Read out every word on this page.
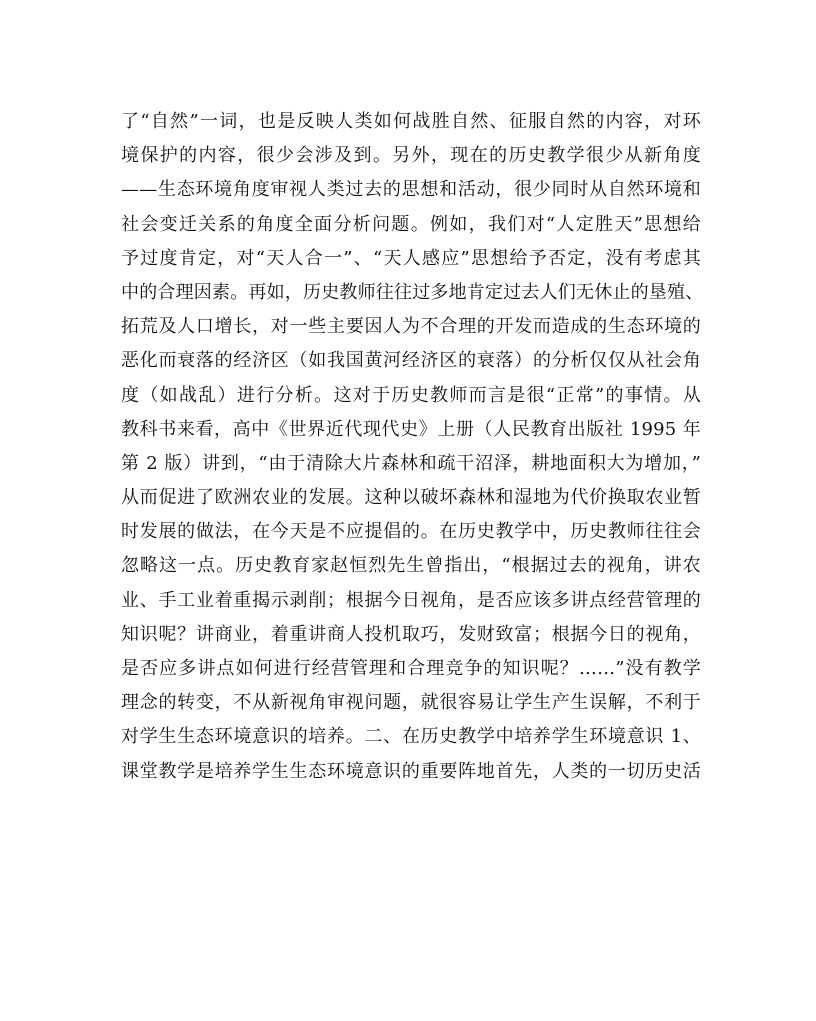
了“自然”一词，也是反映人类如何战胜自然、征服自然的内容，对环
境保护的内容，很少会涉及到。另外，现在的历史教学很少从新角度
——生态环境角度审视人类过去的思想和活动，很少同时从自然环境和
社会变迁关系的角度全面分析问题。例如，我们对“人定胜天”思想给
予过度肯定，对“天人合一”、“天人感应”思想给予否定，没有考虑其
中的合理因素。再如，历史教师往往过多地肯定过去人们无休止的垦殖、
拓荒及人口增长，对一些主要因人为不合理的开发而造成的生态环境的
恶化而衰落的经济区（如我国黄河经济区的衰落）的分析仅仅从社会角
度（如战乱）进行分析。这对于历史教师而言是很“正常”的事情。从
教科书来看，高中《世界近代现代史》上册（人民教育出版社 1995 年
第 2 版）讲到，“由于清除大片森林和疏干沼泽，耕地面积大为增加，”
从而促进了欧洲农业的发展。这种以破坏森林和湿地为代价换取农业暂
时发展的做法，在今天是不应提倡的。在历史教学中，历史教师往往会
忽略这一点。历史教育家赵恒烈先生曾指出，“根据过去的视角，讲农
业、手工业着重揭示剥削；根据今日视角，是否应该多讲点经营管理的
知识呢？讲商业，着重讲商人投机取巧，发财致富；根据今日的视角，
是否应多讲点如何进行经营管理和合理竞争的知识呢？……”没有教学
理念的转变，不从新视角审视问题，就很容易让学生产生误解，不利于
对学生生态环境意识的培养。二、在历史教学中培养学生环境意识 1、
课堂教学是培养学生生态环境意识的重要阵地首先，人类的一切历史活
